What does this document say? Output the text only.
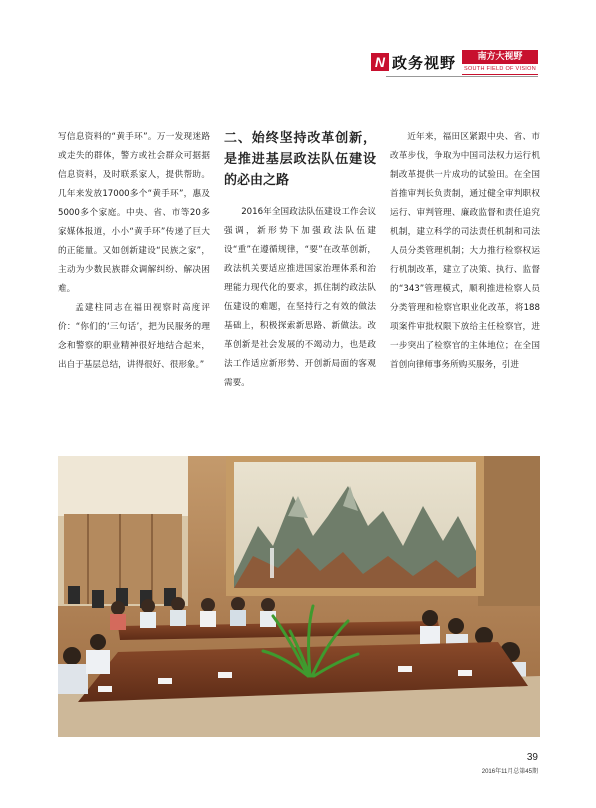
N 政务视野	南方大视野
SOUTH FIELD OF VISION

写信息资料的“黄手环”。万一发现迷路或走失的群体，警方或社会群众可据据信息资料，及时联系家人，提供帮助。几年来发放17000多个“黄手环”，惠及5000多个家庭。中央、省、市等20多家媒体报道，小小“黄手环”传递了巨大的正能量。又如创新建设“民族之家”，主动为少数民族群众调解纠纷、解决困难。

孟建柱同志在福田视察时高度评价：“你们的‘三句话’，把为民服务的理念和警察的职业精神很好地结合起来，出自于基层总结，讲得很好、很形象。”

二、始终坚持改革创新，是推进基层政法队伍建设的必由之路

2016年全国政法队伍建设工作会议强调，新形势下加强政法队伍建设“重”在遵循规律，“要”在改革创新，政法机关要适应推进国家治理体系和治理能力现代化的要求，抓住制约政法队伍建设的难题，在坚持行之有效的做法基础上，积极探索新思路、新做法。改革创新是社会发展的不竭动力，也是政法工作适应新形势、开创新局面的客观需要。

近年来，福田区紧跟中央、省、市改革步伐，争取为中国司法权力运行机制改革提供一片成功的试验田。在全国首推审判长负责制，通过健全审判职权运行、审判管理、廉政监督和责任追究机制，建立科学的司法责任机制和司法人员分类管理机制；大力推行检察权运行机制改革，建立了决策、执行、监督的“343”管理模式，顺利推进检察人员分类管理和检察官职业化改革，将188项案件审批权限下放给主任检察官，进一步突出了检察官的主体地位；在全国首创向律师事务所购买服务，引进

39
2016年11月总第45期
